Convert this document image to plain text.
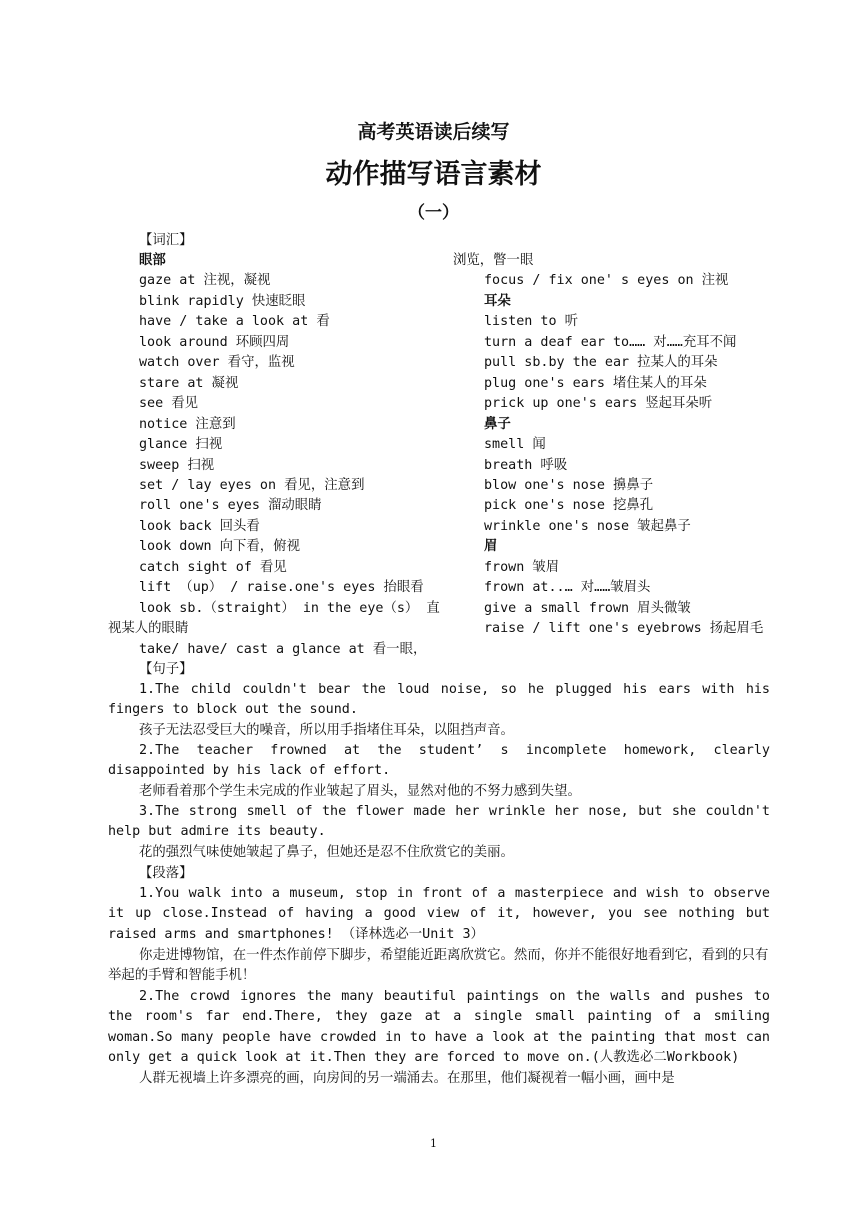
高考英语读后续写
动作描写语言素材
（一）
【词汇】
眼部
gaze at 注视，凝视
blink rapidly 快速眨眼
have / take a look at 看
look around 环顾四周
watch over 看守，监视
stare at 凝视
see 看见
notice 注意到
glance 扫视
sweep 扫视
set / lay eyes on 看见，注意到
roll one's eyes 溜动眼睛
look back 回头看
look down 向下看，俯视
catch sight of 看见
lift （up） / raise.one's eyes 抬眼看
look sb.（straight） in the eye（s） 直
视某人的眼睛
take/ have/ cast a glance at 看一眼，
浏览，瞥一眼
focus / fix one' s eyes on 注视
耳朵
listen to 听
turn a deaf ear to…… 对……充耳不闻
pull sb.by the ear 拉某人的耳朵
plug one's ears 堵住某人的耳朵
prick up one's ears 竖起耳朵听
鼻子
smell 闻
breath 呼吸
blow one's nose 擤鼻子
pick one's nose 挖鼻孔
wrinkle one's nose 皱起鼻子
眉
frown 皱眉
frown at..… 对……皱眉头
give a small frown 眉头微皱
raise / lift one's eyebrows 扬起眉毛
【句子】
1.The child couldn't bear the loud noise, so he plugged his ears with his fingers to block out the sound.
孩子无法忍受巨大的噪音，所以用手指堵住耳朵，以阻挡声音。
2.The teacher frowned at the student’ s incomplete homework, clearly disappointed by his lack of effort.
老师看着那个学生未完成的作业皱起了眉头，显然对他的不努力感到失望。
3.The strong smell of the flower made her wrinkle her nose, but she couldn't help but admire its beauty.
花的强烈气味使她皱起了鼻子，但她还是忍不住欣赏它的美丽。
【段落】
1.You walk into a museum, stop in front of a masterpiece and wish to observe it up close.Instead of having a good view of it, however, you see nothing but raised arms and smartphones! （译林选必一Unit 3）
你走进博物馆，在一件杰作前停下脚步，希望能近距离欣赏它。然而，你并不能很好地看到它，看到的只有举起的手臂和智能手机！
2.The crowd ignores the many beautiful paintings on the walls and pushes to the room's far end.There, they gaze at a single small painting of a smiling woman.So many people have crowded in to have a look at the painting that most can only get a quick look at it.Then they are forced to move on.(人教选必二Workbook)
人群无视墙上许多漂亮的画，向房间的另一端涌去。在那里，他们凝视着一幅小画，画中是
1
